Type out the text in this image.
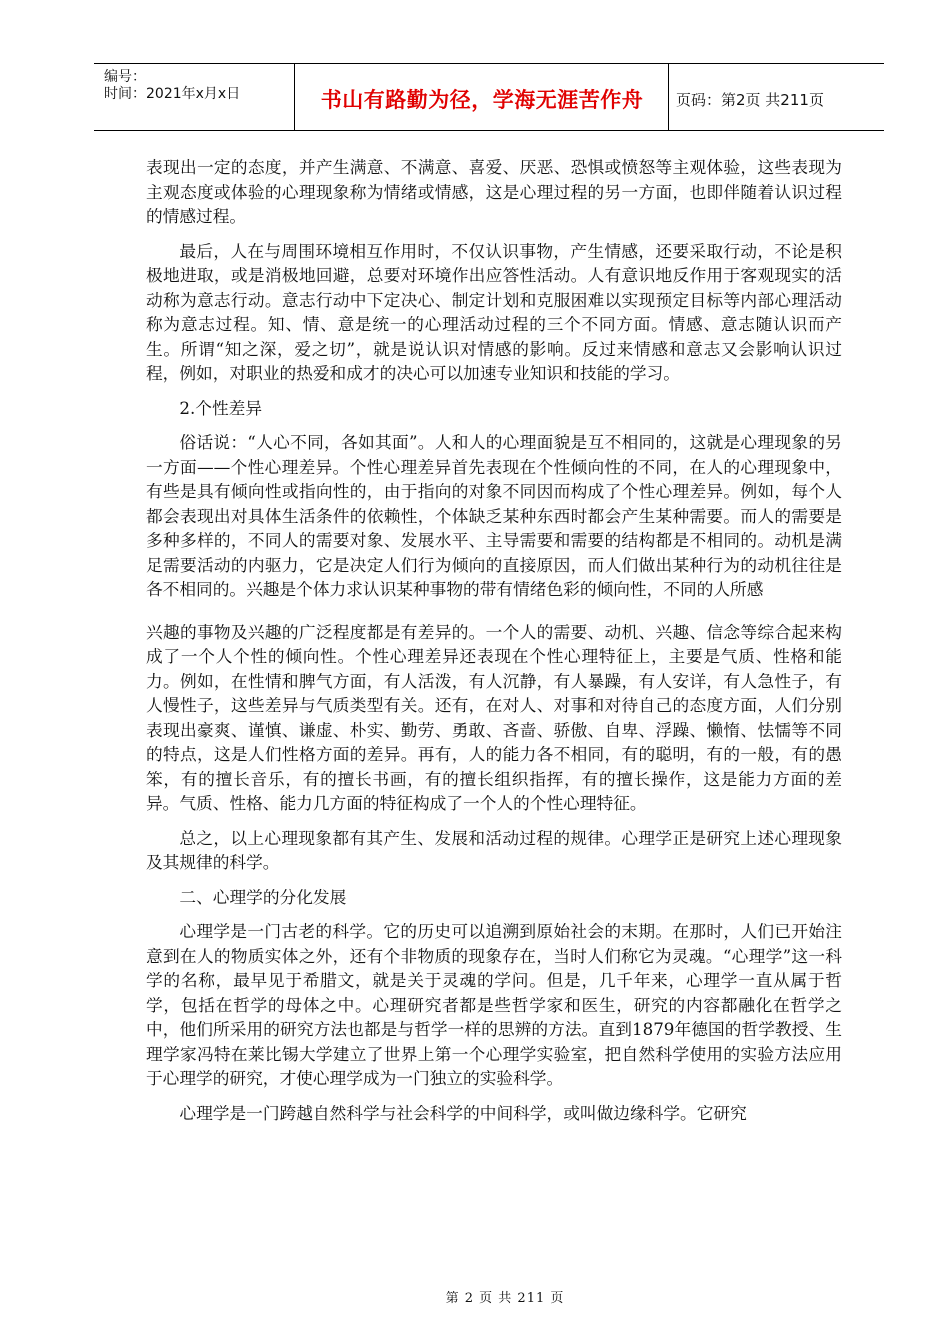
编号：
时间：2021年x月x日	书山有路勤为径，学海无涯苦作舟	页码：第2页 共211页

表现出一定的态度，并产生满意、不满意、喜爱、厌恶、恐惧或愤怒等主观体验，这些表现为主观态度或体验的心理现象称为情绪或情感，这是心理过程的另一方面，也即伴随着认识过程的情感过程。

最后，人在与周围环境相互作用时，不仅认识事物，产生情感，还要采取行动，不论是积极地进取，或是消极地回避，总要对环境作出应答性活动。人有意识地反作用于客观现实的活动称为意志行动。意志行动中下定决心、制定计划和克服困难以实现预定目标等内部心理活动称为意志过程。知、情、意是统一的心理活动过程的三个不同方面。情感、意志随认识而产生。所谓“知之深，爱之切”，就是说认识对情感的影响。反过来情感和意志又会影响认识过程，例如，对职业的热爱和成才的决心可以加速专业知识和技能的学习。

2.个性差异

俗话说：“人心不同，各如其面”。人和人的心理面貌是互不相同的，这就是心理现象的另一方面——个性心理差异。个性心理差异首先表现在个性倾向性的不同，在人的心理现象中，有些是具有倾向性或指向性的，由于指向的对象不同因而构成了个性心理差异。例如，每个人都会表现出对具体生活条件的依赖性，个体缺乏某种东西时都会产生某种需要。而人的需要是多种多样的，不同人的需要对象、发展水平、主导需要和需要的结构都是不相同的。动机是满足需要活动的内驱力，它是决定人们行为倾向的直接原因，而人们做出某种行为的动机往往是各不相同的。兴趣是个体力求认识某种事物的带有情绪色彩的倾向性，不同的人所感

兴趣的事物及兴趣的广泛程度都是有差异的。一个人的需要、动机、兴趣、信念等综合起来构成了一个人个性的倾向性。个性心理差异还表现在个性心理特征上，主要是气质、性格和能力。例如，在性情和脾气方面，有人活泼，有人沉静，有人暴躁，有人安详，有人急性子，有人慢性子，这些差异与气质类型有关。还有，在对人、对事和对待自己的态度方面，人们分别表现出豪爽、谨慎、谦虚、朴实、勤劳、勇敢、吝啬、骄傲、自卑、浮躁、懒惰、怯懦等不同的特点，这是人们性格方面的差异。再有，人的能力各不相同，有的聪明，有的一般，有的愚笨，有的擅长音乐，有的擅长书画，有的擅长组织指挥，有的擅长操作，这是能力方面的差异。气质、性格、能力几方面的特征构成了一个人的个性心理特征。

总之，以上心理现象都有其产生、发展和活动过程的规律。心理学正是研究上述心理现象及其规律的科学。

二、心理学的分化发展

心理学是一门古老的科学。它的历史可以追溯到原始社会的末期。在那时，人们已开始注意到在人的物质实体之外，还有个非物质的现象存在，当时人们称它为灵魂。“心理学”这一科学的名称，最早见于希腊文，就是关于灵魂的学问。但是，几千年来，心理学一直从属于哲学，包括在哲学的母体之中。心理研究者都是些哲学家和医生，研究的内容都融化在哲学之中，他们所采用的研究方法也都是与哲学一样的思辨的方法。直到1879年德国的哲学教授、生理学家冯特在莱比锡大学建立了世界上第一个心理学实验室，把自然科学使用的实验方法应用于心理学的研究，才使心理学成为一门独立的实验科学。

心理学是一门跨越自然科学与社会科学的中间科学，或叫做边缘科学。它研究

第 2 页 共 211 页
